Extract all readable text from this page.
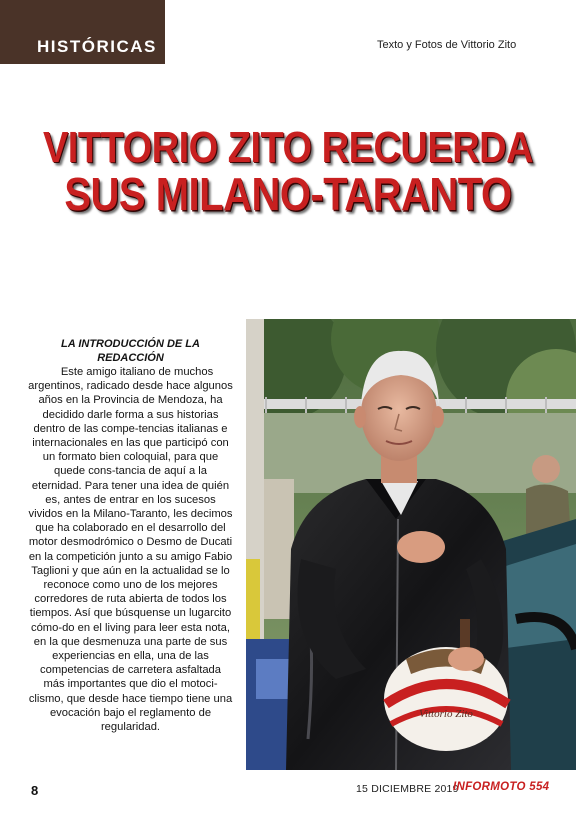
HISTÓRICAS	Texto y Fotos de Vittorio Zito
VITTORIO ZITO RECUERDA
SUS MILANO-TARANTO

LA INTRODUCCIÓN DE LA REDACCIÓN

Este amigo italiano de muchos argentinos, radicado desde hace algunos años en la Provincia de Mendoza, ha decidido darle forma a sus historias dentro de las compe-tencias italianas e internacionales en las que participó con un formato bien coloquial, para que quede cons-tancia de aquí a la eternidad. Para tener una idea de quién es, antes de entrar en los sucesos vividos en la Milano-Taranto, les decimos que ha colaborado en el desarrollo del motor desmodrómico o Desmo de Ducati en la competición junto a su amigo Fabio Taglioni y que aún en la actualidad se lo reconoce como uno de los mejores corredores de ruta abierta de todos los tiempos. Así que búsquense un lugarcito cómo-do en el living para leer esta nota, en la que desmenuza una parte de sus experiencias en ella, una de las competencias de carretera asfaltada más importantes que dio el motoci-clismo, que desde hace tiempo tiene una evocación bajo el reglamento de regularidad.

Vittorio Zito
8	15 DICIEMBRE 2019
INFORMOTO 554
